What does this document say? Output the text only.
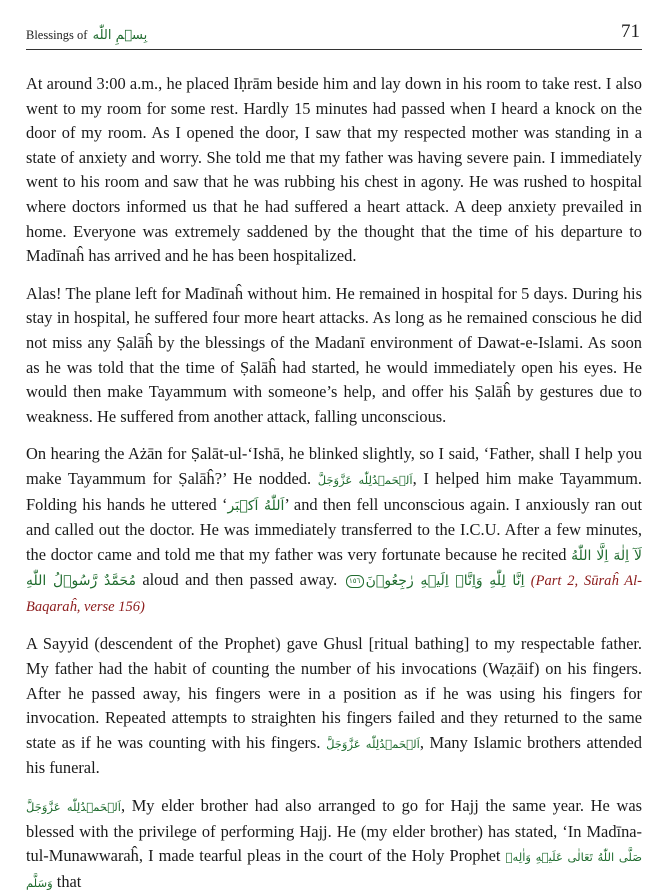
Blessings of بِسۡمِ اللّٰه	71

At around 3:00 a.m., he placed Iḥrām beside him and lay down in his room to take rest. I also went to my room for some rest. Hardly 15 minutes had passed when I heard a knock on the door of my room. As I opened the door, I saw that my respected mother was standing in a state of anxiety and worry. She told me that my father was having severe pain. I immediately went to his room and saw that he was rubbing his chest in agony. He was rushed to hospital where doctors informed us that he had suffered a heart attack. A deep anxiety prevailed in home. Everyone was extremely saddened by the thought that the time of his departure to Madīnaĥ has arrived and he has been hospitalized.

Alas! The plane left for Madīnaĥ without him. He remained in hospital for 5 days. During his stay in hospital, he suffered four more heart attacks. As long as he remained conscious he did not miss any Ṣalāĥ by the blessings of the Madanī environment of Dawat-e-Islami. As soon as he was told that the time of Ṣalāĥ had started, he would immediately open his eyes. He would then make Tayammum with someone’s help, and offer his Ṣalāĥ by gestures due to weakness. He suffered from another attack, falling unconscious.

On hearing the Ażān for Ṣalāt-ul-‘Ishā, he blinked slightly, so I said, ‘Father, shall I help you make Tayammum for Ṣalāĥ?’ He nodded. اَلۡحَمۡدُلِلّٰه عَزَّوَجَلَّ, I helped him make Tayammum. Folding his hands he uttered ‘اَللّٰهُ اَكۡبَر’ and then fell unconscious again. I anxiously ran out and called out the doctor. He was immediately transferred to the I.C.U. After a few minutes, the doctor came and told me that my father was very fortunate because he recited لَآ اِلٰهَ اِلَّا اللّٰهُ مُحَمَّدٌ رَّسُوۡلُ اللّٰهِ aloud and then passed away. ١٥٦ اِنَّا لِلّٰهِ وَاِنَّاۤ اِلَيۡهِ رٰجِعُوۡنَ (Part 2, Sūraĥ Al-Baqaraĥ, verse 156)

A Sayyid (descendent of the Prophet) gave Ghusl [ritual bathing] to my respectable father. My father had the habit of counting the number of his invocations (Waẓāif) on his fingers. After he passed away, his fingers were in a position as if he was using his fingers for invocation. Repeated attempts to straighten his fingers failed and they returned to the same state as if he was counting with his fingers. اَلۡحَمۡدُلِلّٰه عَزَّوَجَلَّ, Many Islamic brothers attended his funeral.

اَلۡحَمۡدُلِلّٰه عَزَّوَجَلَّ, My elder brother had also arranged to go for Hajj the same year. He was blessed with the privilege of performing Hajj. He (my elder brother) has stated, ‘In Madīna-tul-Munawwaraĥ, I made tearful pleas in the court of the Holy Prophet صَلَّى اللّٰهُ تَعَالٰى عَلَيۡهِ وَاٰلِهٖ وَسَلَّم that
